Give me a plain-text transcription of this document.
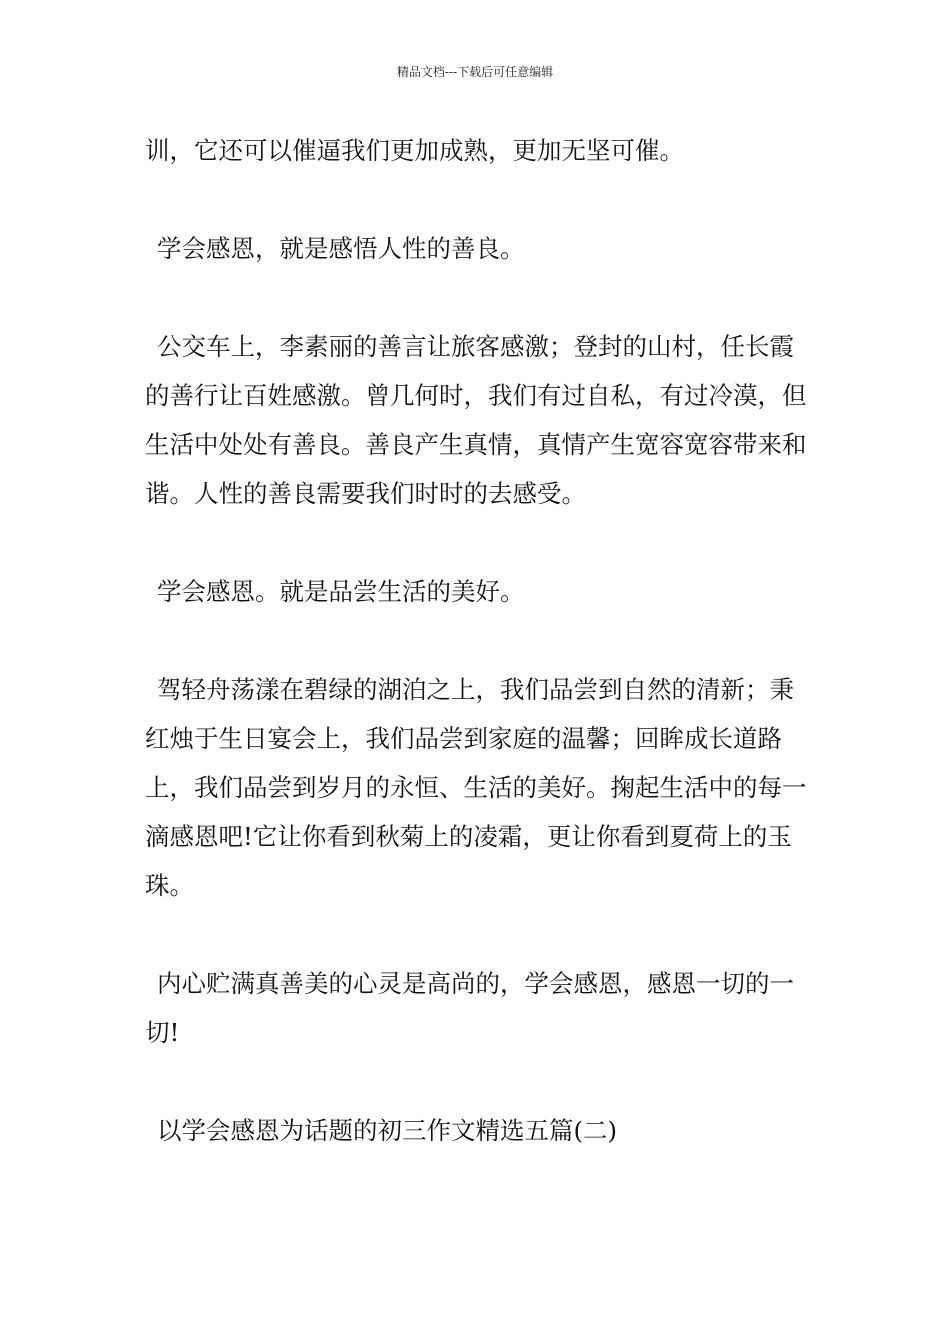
精品文档---下载后可任意编辑

训，它还可以催逼我们更加成熟，更加无坚可催。

学会感恩，就是感悟人性的善良。

公交车上，李素丽的善言让旅客感激；登封的山村，任长霞的善行让百姓感激。曾几何时，我们有过自私，有过冷漠，但生活中处处有善良。善良产生真情，真情产生宽容宽容带来和谐。人性的善良需要我们时时的去感受。

学会感恩。就是品尝生活的美好。

驾轻舟荡漾在碧绿的湖泊之上，我们品尝到自然的清新；秉红烛于生日宴会上，我们品尝到家庭的温馨；回眸成长道路上，我们品尝到岁月的永恒、生活的美好。掬起生活中的每一滴感恩吧!它让你看到秋菊上的凌霜，更让你看到夏荷上的玉珠。

内心贮满真善美的心灵是高尚的，学会感恩，感恩一切的一切!

以学会感恩为话题的初三作文精选五篇(二)
